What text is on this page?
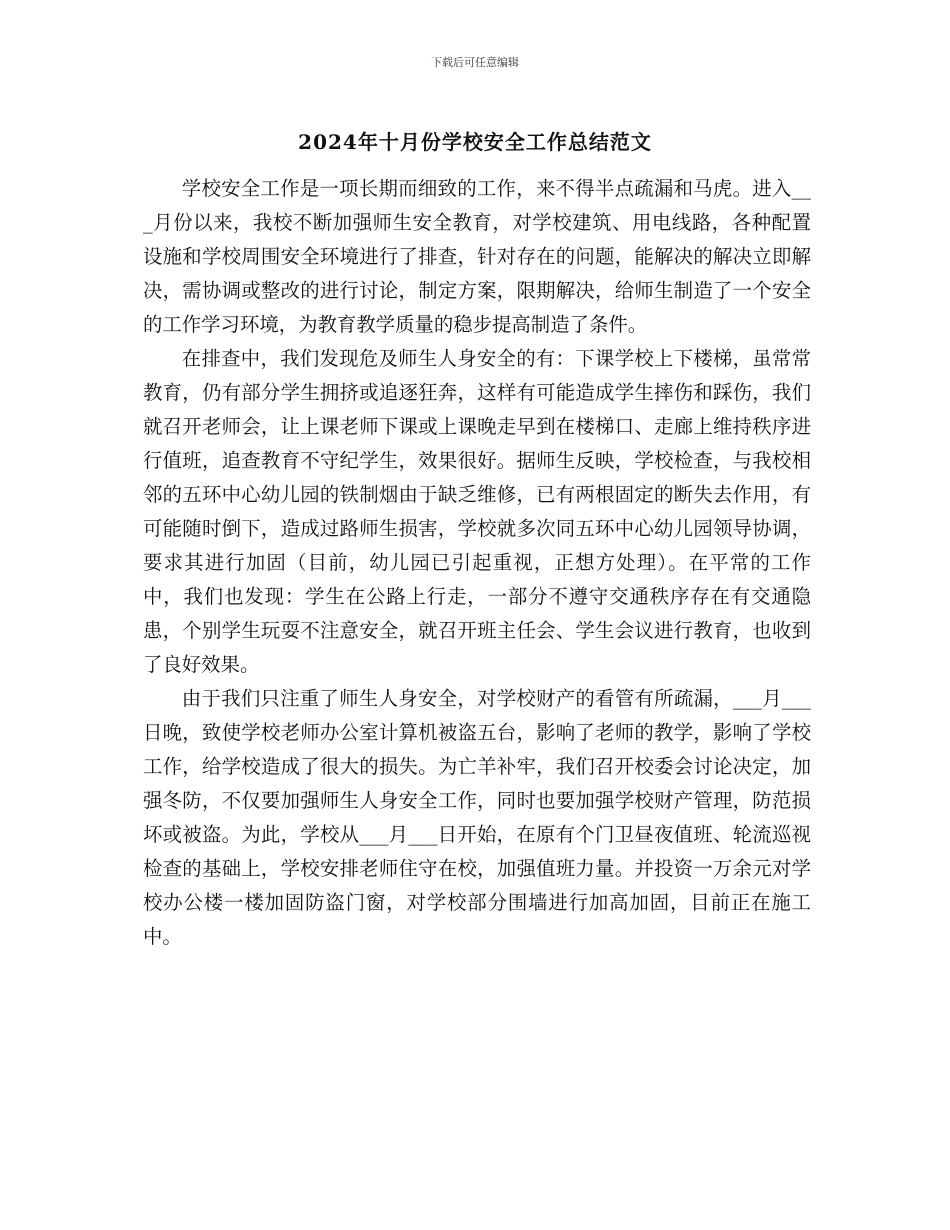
下载后可任意编辑
2024年十月份学校安全工作总结范文

学校安全工作是一项长期而细致的工作，来不得半点疏漏和马虎。进入___月份以来，我校不断加强师生安全教育，对学校建筑、用电线路，各种配置设施和学校周围安全环境进行了排查，针对存在的问题，能解决的解决立即解决，需协调或整改的进行讨论，制定方案，限期解决，给师生制造了一个安全的工作学习环境，为教育教学质量的稳步提高制造了条件。

在排查中，我们发现危及师生人身安全的有：下课学校上下楼梯，虽常常教育，仍有部分学生拥挤或追逐狂奔，这样有可能造成学生摔伤和踩伤，我们就召开老师会，让上课老师下课或上课晚走早到在楼梯口、走廊上维持秩序进行值班，追查教育不守纪学生，效果很好。据师生反映，学校检查，与我校相邻的五环中心幼儿园的铁制烟由于缺乏维修，已有两根固定的断失去作用，有可能随时倒下，造成过路师生损害，学校就多次同五环中心幼儿园领导协调，要求其进行加固（目前，幼儿园已引起重视，正想方处理）。在平常的工作中，我们也发现：学生在公路上行走，一部分不遵守交通秩序存在有交通隐患，个别学生玩耍不注意安全，就召开班主任会、学生会议进行教育，也收到了良好效果。

由于我们只注重了师生人身安全，对学校财产的看管有所疏漏，___月___日晚，致使学校老师办公室计算机被盗五台，影响了老师的教学，影响了学校工作，给学校造成了很大的损失。为亡羊补牢，我们召开校委会讨论决定，加强冬防，不仅要加强师生人身安全工作，同时也要加强学校财产管理，防范损坏或被盗。为此，学校从___月___日开始，在原有个门卫昼夜值班、轮流巡视检查的基础上，学校安排老师住守在校，加强值班力量。并投资一万余元对学校办公楼一楼加固防盗门窗，对学校部分围墙进行加高加固，目前正在施工中。
